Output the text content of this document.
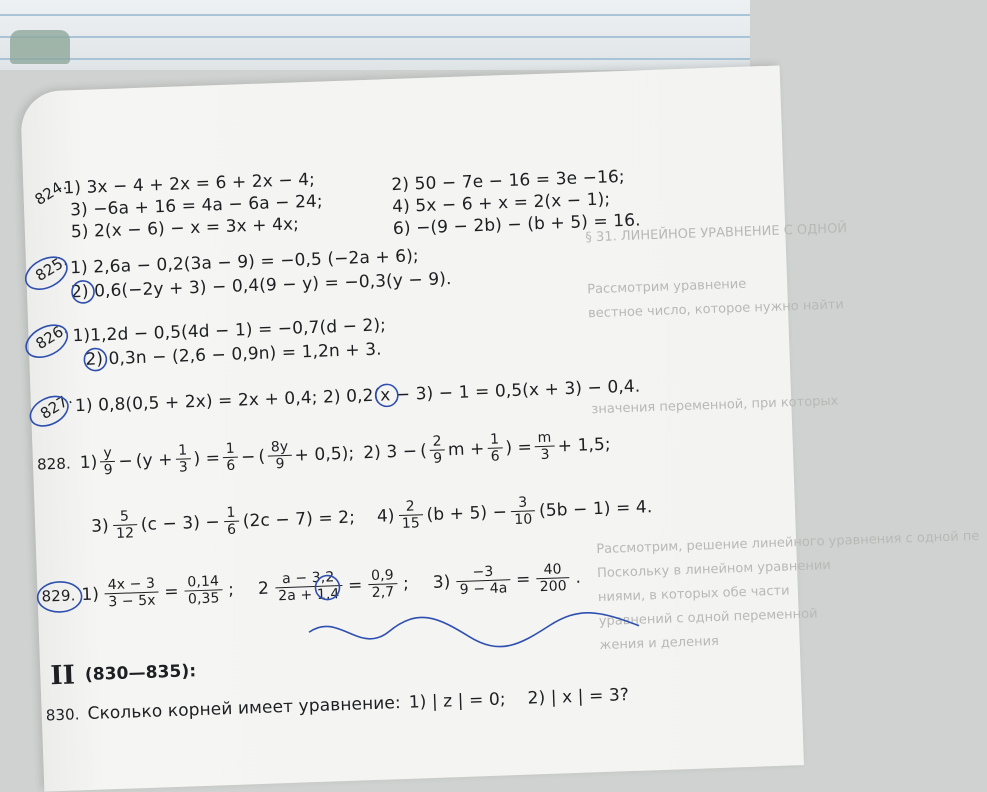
§ 31. ЛИНЕЙНОЕ УРАВНЕНИЕ С ОДНОЙ
Рассмотрим уравнение
вестное число, которое нужно найти
значения переменной, при которых
Рассмотрим, решение линейного уравнения с одной пе
Поскольку в линейном уравнении
ниями, в которых обе части
уравнений с одной переменной
жения и деления
824.
1) 3x − 4 + 2x = 6 + 2x − 4;	2) 50 − 7e − 16 = 3e −16;
3) −6a + 16 = 4a − 6a − 24;	4) 5x − 6 + x = 2(x − 1);
5) 2(x − 6) − x = 3x + 4x;	6) −(9 − 2b) − (b + 5) = 16.
825. 1) 2,6a − 0,2(3a − 9) = −0,5 (−2a + 6);
2) 0,6(−2y + 3) − 0,4(9 − y) = −0,3(y − 9).
826. 1)1,2d − 0,5(4d − 1) = −0,7(d − 2);
2) 0,3n − (2,6 − 0,9n) = 1,2n + 3.
827. 1) 0,8(0,5 + 2x) = 2x + 0,4; 2) 0,2(x − 3) − 1 = 0,5(x + 3) − 0,4.
828. $1) \frac{y}{9} - (y + \frac{1}{3}$ ) = $\frac{1}{6}$ − ( $\frac{8y}{9} + 0,5$); 2) 3 − ( $\frac{2}{9}$ $m + \frac{1}{6}$ ) = $\frac{m}{3} + 1,5$;
$3) \frac{5}{12} (c - 3) - \frac{1}{6} (2c - 7) = 2$; $4) \frac{2}{15} (b + 5) - \frac{3}{10} (5b - 1) = 4$.
829. $1) \frac{4x - 3}{3 - 5x} = \frac{0,14}{0,35}$ ; $2 \frac{a - 3,2}{2a + 1,4} = \frac{0,9}{2,7}$ ; $3) \frac{-3}{9 - 4a} = \frac{40}{200}$ .
II (830—835):
830. Сколько корней имеет уравнение: 1) | z | = 0; 2) | x | = 3?
